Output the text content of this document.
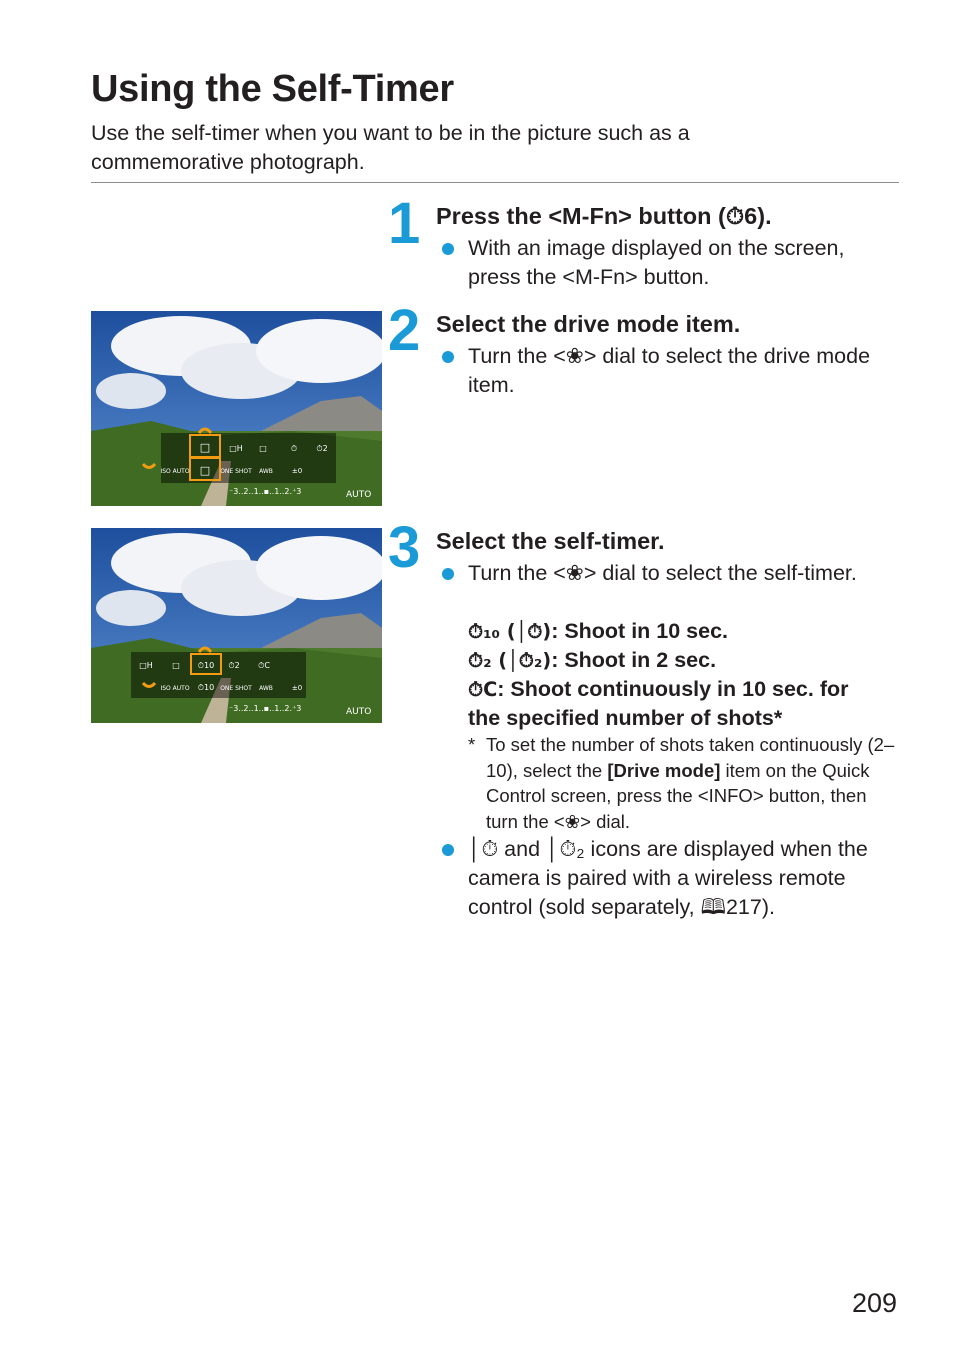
Using the Self-Timer

Use the self-timer when you want to be in the picture such as a commemorative photograph.

1 Press the <M-Fn> button (⏱6).
With an image displayed on the screen, press the <M-Fn> button.
2 Select the drive mode item.
Turn the <❀> dial to select the drive mode item.
□ □H □	⏱ ⏱2
ISO AUTO □ ONE SHOT AWB	±0
⁻3..2..1..▪..1..2.⁺3	AUTO
3 Select the self-timer.
Turn the <❀> dial to select the self-timer.
⏱₁₀ (│⏱): Shoot in 10 sec.
⏱₂ (│⏱₂): Shoot in 2 sec.
⏱C: Shoot continuously in 10 sec. for
the specified number of shots*
* To set the number of shots taken continuously (2–10), select the [Drive mode] item on the Quick Control screen, press the <INFO> button, then turn the <❀> dial.
│⏱ and │⏱₂ icons are displayed when the camera is paired with a wireless remote control (sold separately, 🕮217).
□H □ ⏱10 ⏱2 ⏱C
ISO AUTO ⏱10 ONE SHOT AWB	±0
⁻3..2..1..▪..1..2.⁺3	AUTO
209
